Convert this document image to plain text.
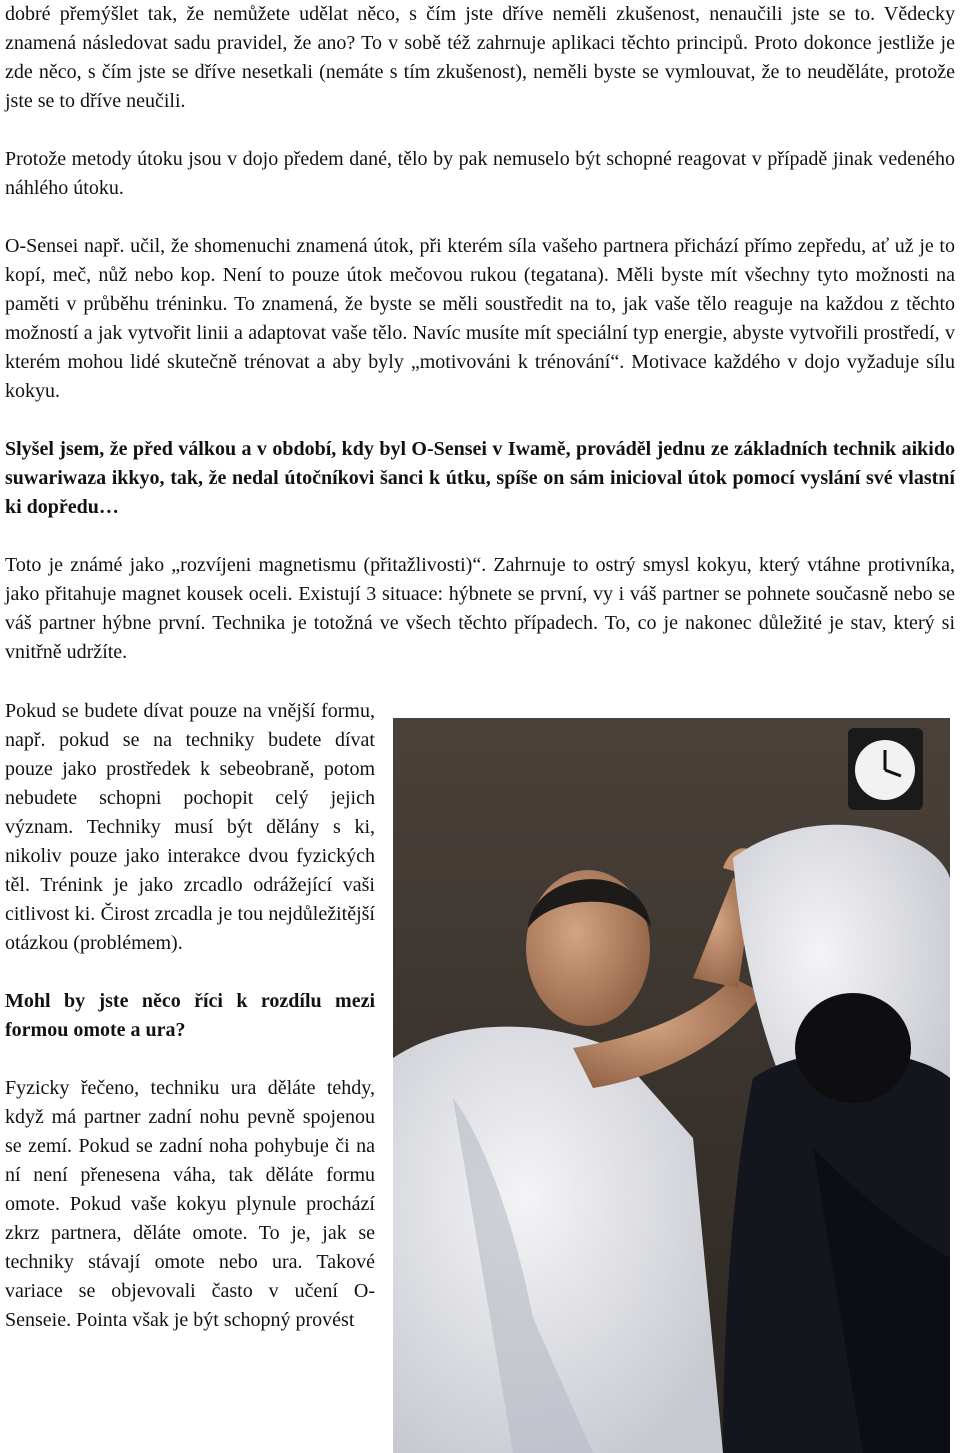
dobré přemýšlet tak, že nemůžete udělat něco, s čím jste dříve neměli zkušenost, nenaučili jste se to. Vědecky znamená následovat sadu pravidel, že ano? To v sobě též zahrnuje aplikaci těchto principů. Proto dokonce jestliže je zde něco, s čím jste se dříve nesetkali (nemáte s tím zkušenost), neměli byste se vymlouvat, že to neuděláte, protože jste se to dříve neučili.

Protože metody útoku jsou v dojo předem dané, tělo by pak nemuselo být schopné reagovat v případě jinak vedeného náhlého útoku.

O-Sensei např. učil, že shomenuchi znamená útok, při kterém síla vašeho partnera přichází přímo zepředu, ať už je to kopí, meč, nůž nebo kop. Není to pouze útok mečovou rukou (tegatana). Měli byste mít všechny tyto možnosti na paměti v průběhu tréninku. To znamená, že byste se měli soustředit na to, jak vaše tělo reaguje na každou z těchto možností a jak vytvořit linii a adaptovat vaše tělo. Navíc musíte mít speciální typ energie, abyste vytvořili prostředí, v kterém mohou lidé skutečně trénovat a aby byly „motivováni k trénování“. Motivace každého v dojo vyžaduje sílu kokyu.

Slyšel jsem, že před válkou a v období, kdy byl O-Sensei v Iwamě, prováděl jednu ze základních technik aikido suwariwaza ikkyo, tak, že nedal útočníkovi šanci k útku, spíše on sám inicioval útok pomocí vyslání své vlastní ki dopředu…

Toto je známé jako „rozvíjeni magnetismu (přitažlivosti)“. Zahrnuje to ostrý smysl kokyu, který vtáhne protivníka, jako přitahuje magnet kousek oceli. Existují 3 situace: hýbnete se první, vy i váš partner se pohnete současně nebo se váš partner hýbne první. Technika je totožná ve všech těchto případech. To, co je nakonec důležité je stav, který si vnitřně udržíte.

Pokud se budete dívat pouze na vnější formu, např. pokud se na techniky budete dívat pouze jako prostředek k sebeobraně, potom nebudete schopni pochopit celý jejich význam. Techniky musí být dělány s ki, nikoliv pouze jako interakce dvou fyzických těl. Trénink je jako zrcadlo odrážející vaši citlivost ki. Čirost zrcadla je tou nejdůležitější otázkou (problémem).

Mohl by jste něco říci k rozdílu mezi formou omote a ura?

Fyzicky řečeno, techniku ura děláte tehdy, když má partner zadní nohu pevně spojenou se zemí. Pokud se zadní noha pohybuje či na ní není přenesena váha, tak děláte formu omote. Pokud vaše kokyu plynule prochází zkrz partnera, děláte omote. To je, jak se techniky stávají omote nebo ura. Takové variace se objevovali často v učení O-Senseie. Pointa však je být schopný provést
